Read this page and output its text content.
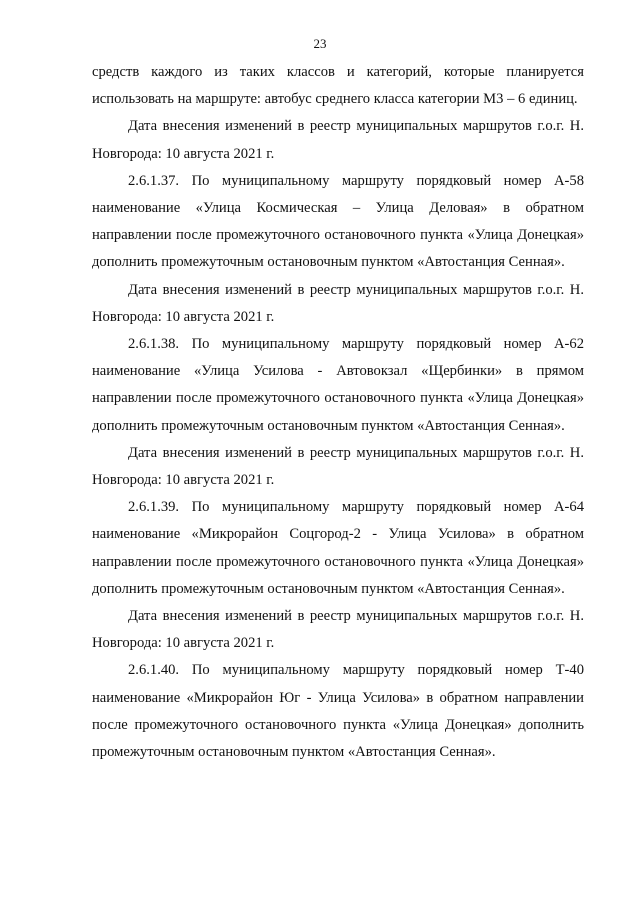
23

средств каждого из таких классов и категорий, которые планируется использовать на маршруте: автобус среднего класса категории М3 – 6 единиц.

Дата внесения изменений в реестр муниципальных маршрутов г.о.г. Н. Новгорода: 10 августа 2021 г.

2.6.1.37. По муниципальному маршруту порядковый номер А-58 наименование «Улица Космическая – Улица Деловая» в обратном направлении после промежуточного остановочного пункта «Улица Донецкая» дополнить промежуточным остановочным пунктом «Автостанция Сенная».

Дата внесения изменений в реестр муниципальных маршрутов г.о.г. Н. Новгорода: 10 августа 2021 г.

2.6.1.38. По муниципальному маршруту порядковый номер А-62 наименование «Улица Усилова - Автовокзал «Щербинки» в прямом направлении после промежуточного остановочного пункта «Улица Донецкая» дополнить промежуточным остановочным пунктом «Автостанция Сенная».

Дата внесения изменений в реестр муниципальных маршрутов г.о.г. Н. Новгорода: 10 августа 2021 г.

2.6.1.39. По муниципальному маршруту порядковый номер А-64 наименование «Микрорайон Соцгород-2 - Улица Усилова» в обратном направлении после промежуточного остановочного пункта «Улица Донецкая» дополнить промежуточным остановочным пунктом «Автостанция Сенная».

Дата внесения изменений в реестр муниципальных маршрутов г.о.г. Н. Новгорода: 10 августа 2021 г.

2.6.1.40. По муниципальному маршруту порядковый номер Т-40 наименование «Микрорайон Юг - Улица Усилова» в обратном направлении после промежуточного остановочного пункта «Улица Донецкая» дополнить промежуточным остановочным пунктом «Автостанция Сенная».
